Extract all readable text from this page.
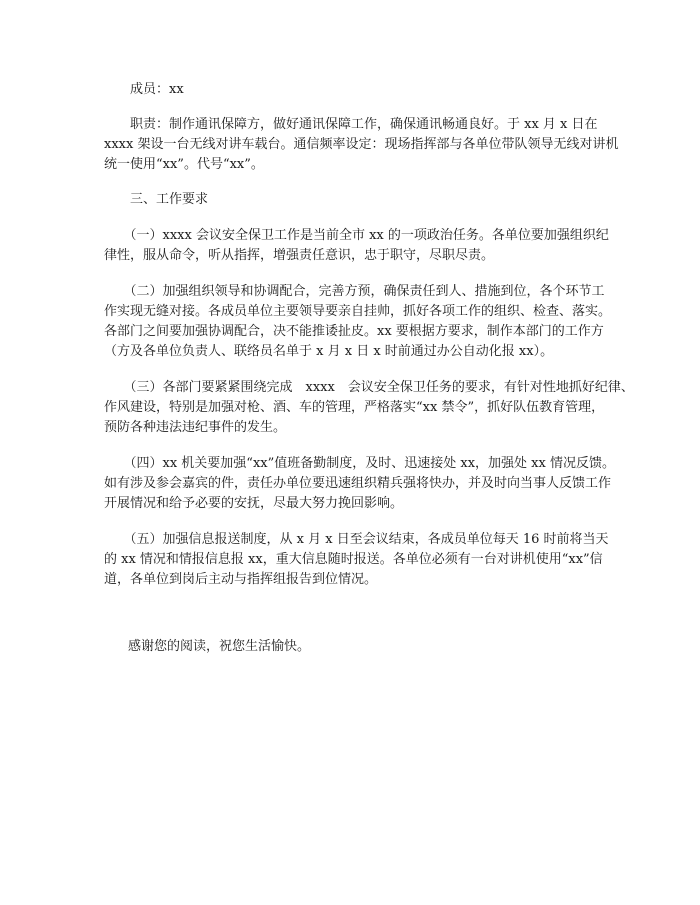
成员：xx

　　职责：制作通讯保障方，做好通讯保障工作，确保通讯畅通良好。于 xx 月 x 日在
xxxx 架设一台无线对讲车载台。通信频率设定：现场指挥部与各单位带队领导无线对讲机
统一使用“xx”。代号“xx”。

三、工作要求

　　（一）xxxx 会议安全保卫工作是当前全市 xx 的一项政治任务。各单位要加强组织纪
律性，服从命令，听从指挥，增强责任意识，忠于职守，尽职尽责。

　　（二）加强组织领导和协调配合，完善方预，确保责任到人、措施到位，各个环节工
作实现无缝对接。各成员单位主要领导要亲自挂帅，抓好各项工作的组织、检查、落实。
各部门之间要加强协调配合，决不能推诿扯皮。xx 要根据方要求，制作本部门的工作方
（方及各单位负责人、联络员名单于 x 月 x 日 x 时前通过办公自动化报 xx）。

　　（三）各部门要紧紧围绕完成　xxxx　会议安全保卫任务的要求，有针对性地抓好纪律、
作风建设，特别是加强对枪、酒、车的管理，严格落实“xx 禁令”，抓好队伍教育管理，
预防各种违法违纪事件的发生。

　　（四）xx 机关要加强“xx”值班备勤制度，及时、迅速接处 xx，加强处 xx 情况反馈。
如有涉及参会嘉宾的件，责任办单位要迅速组织精兵强将快办，并及时向当事人反馈工作
开展情况和给予必要的安抚，尽最大努力挽回影响。

　　（五）加强信息报送制度，从 x 月 x 日至会议结束，各成员单位每天 16 时前将当天
的 xx 情况和情报信息报 xx，重大信息随时报送。各单位必须有一台对讲机使用“xx”信
道，各单位到岗后主动与指挥组报告到位情况。

感谢您的阅读，祝您生活愉快。
